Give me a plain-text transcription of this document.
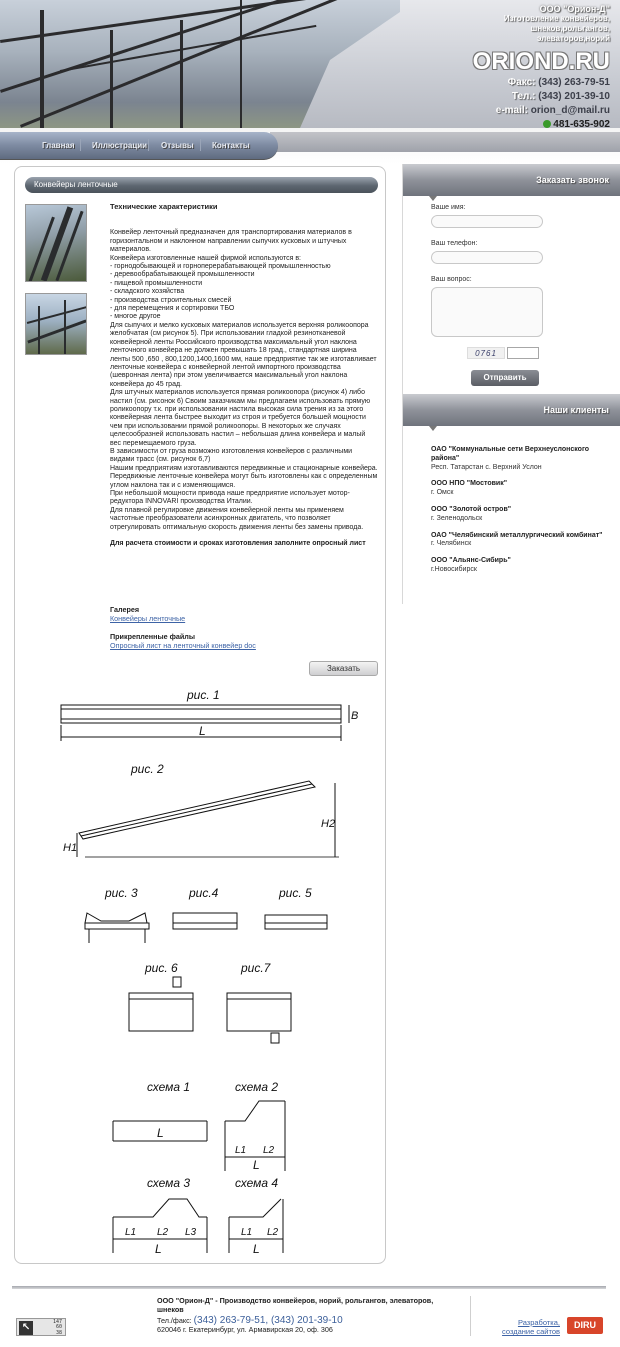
ООО "Орион-Д"
Изготовление конвейеров,
шнеков,рольгангов,
элеваторов,норий
ORIOND.RU
Факс: (343) 263-79-51
Тел.: (343) 201-39-10
e-mail: orion_d@mail.ru
481-635-902
Главная Иллюстрации Отзывы Контакты
Конвейеры ленточные
Технические характеристики

Конвейер ленточный предназначен для транспортирования материалов в горизонтальном и наклонном направлении сыпучих кусковых и штучных материалов.

Конвейера изготовленные нашей фирмой используются в:

- горнодобывающей и горноперерабатывающей промышленностью

- деревообрабатывающей промышленности

- пищевой промышленности

- складского хозяйства

- производства строительных смесей

- для перемещения и сортировки ТБО

- многое другое

Для сыпучих и мелко кусковых материалов используется верхняя роликоопора желобчатая (см рисунок 5). При использовании гладкой резинотканевой конвейерной ленты Российского производства максимальный угол наклона ленточного конвейера не должен превышать 18 град., стандартная ширина ленты 500 ,650 , 800,1200,1400,1600 мм, наше предприятие так же изготавливает ленточные конвейера с конвейерной лентой импортного производства (шевронная лента) при этом увеличивается максимальный угол наклона конвейера до 45 град.

Для штучных материалов используется прямая роликоопора (рисунок 4) либо настил (см. рисонок 6) Своим заказчикам мы предлагаем использовать прямую роликоопору т.к. при использовании настила высокая сила трения из за этого конвейерная лента быстрее выходит из строя и требуется большей мощности чем при использовании прямой роликоопоры. В некоторых же случаях целесообразней использовать настил – небольшая длина конвейера и малый вес перемещаемого груза.

В зависимости от груза возможно изготовления конвейеров с различными видами трасс (см. рисунок 6,7)

Нашим предприятиям изготавливаются передвижные и стационарные конвейера.

Передвижные ленточные конвейера могут быть изготовлены как с определенным углом наклона так и с изменяющимся.

При небольшой мощности привода наше предприятие использует мотор-редуктора INNOVARI производства Италии.

Для плавной регулировке движения конвейерной ленты мы применяем частотные преобразователи асинхронных двигатель, что позволяет отрегулировать оптимальную скорость движения ленты без замены привода.

Для расчета стоимости и сроках изготовления заполните опросный лист

Галерея
Конвейеры ленточные
Прикрепленные файлы
Опросный лист на ленточный конвейер doc
Заказать
рис. 1
L
B
рис. 2
H2
H1
рис. 3	рис.4	рис. 5
рис. 6	рис.7
схема 1
L
схема 2
L1 L2
L
схема 3
L1 L2 L3
L
схема 4
L1 L2
L
Заказать звонок
Ваше имя:
Ваш телефон:
Ваш вопрос:
0761
Отправить
Наши клиенты
ОАО "Коммунальные сети Верхнеуслонского района"
Респ. Татарстан с. Верхний Услон
ООО НПО "Мостовик"
г. Омск
ООО "Золотой остров"
г. Зеленодольск
ОАО "Челябинский металлургический комбинат"
г. Челябинск
ООО "Альянс-Сибирь"
г.Новосибирск
↖	147
60
38
ООО "Орион-Д" - Производство конвейеров, норий, рольгангов, элеваторов, шнеков
Тел./факс: (343) 263-79-51, (343) 201-39-10
620046 г. Екатеринбург, ул. Армавирская 20, оф. 306
Разработка,
создание сайтов
DIRU
